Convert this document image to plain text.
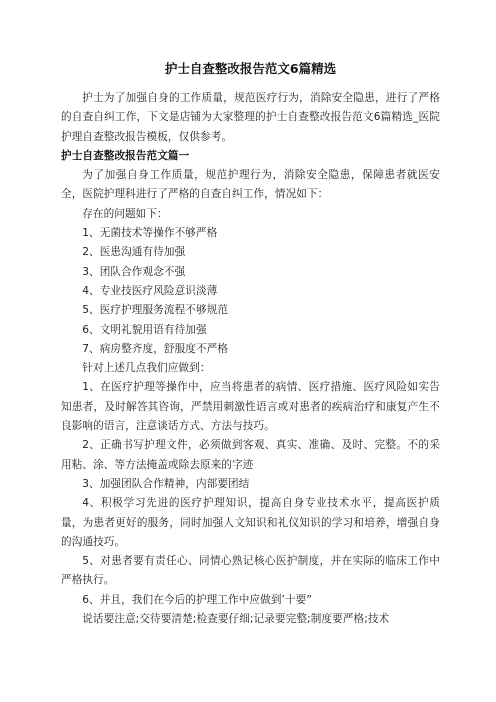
护士自查整改报告范文6篇精选

护士为了加强自身的工作质量，规范医疗行为，消除安全隐患，进行了严格的自查自纠工作，下文是店铺为大家整理的护士自查整改报告范文6篇精选_医院护理自查整改报告模板，仅供参考。

护士自查整改报告范文篇一

为了加强自身工作质量，规范护理行为，消除安全隐患，保障患者就医安全，医院护理科进行了严格的自查自纠工作，情况如下：

存在的问题如下：

1、无菌技术等操作不够严格

2、医患沟通有待加强

3、团队合作观念不强

4、专业技医疗风险意识淡薄

5、医疗护理服务流程不够规范

6、文明礼貌用语有待加强

7、病房整齐度，舒服度不严格

针对上述几点我们应做到：

1、在医疗护理等操作中，应当将患者的病情、医疗措施、医疗风险如实告知患者，及时解答其咨询，严禁用刺激性语言或对患者的疾病治疗和康复产生不良影响的语言，注意谈话方式、方法与技巧。

2、正确书写护理文件，必须做到客观、真实、准确、及时、完整。不的采用粘、涂、等方法掩盖或除去原来的字迹

3、加强团队合作精神，内部要团结

4、积极学习先进的医疗护理知识，提高自身专业技术水平，提高医护质量，为患者更好的服务，同时加强人文知识和礼仪知识的学习和培养，增强自身的沟通技巧。

5、对患者要有责任心、同情心熟记核心医护制度，并在实际的临床工作中严格执行。

6、并且，我们在今后的护理工作中应做到’十要”

说话要注意;交待要清楚;检查要仔细;记录要完整;制度要严格;技术
